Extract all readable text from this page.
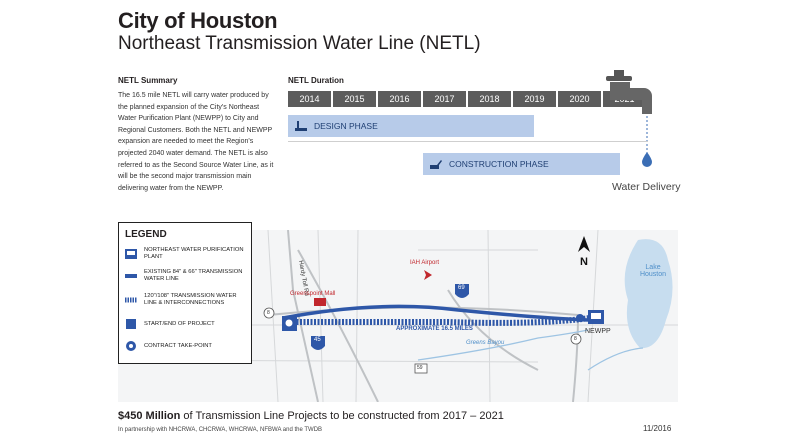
City of Houston
Northeast Transmission Water Line (NETL)
NETL Summary
The 16.5 mile NETL will carry water produced by
the planned expansion of the City's Northeast
Water Purification Plant (NEWPP) to City and
Regional Customers. Both the NETL and NEWPP
expansion are needed to meet the Region's
projected 2040 water demand. The NETL is also
referred to as the Second Source Water Line, as it
will be the second major transmission main
delivering water from the NEWPP.
NETL Duration
2014	2015	2016	2017	2018	2019	2020
DESIGN PHASE
CONSTRUCTION PHASE
Water Delivery
N
Hardy Toll Rd	IAH Airport
Greenspoint Mall
APPROXIMATE 16.5 MILES
Greens Bayou
Lake Houston
NEWPP
8
8
59
45
69
LEGEND
NORTHEAST WATER PURIFICATION PLANT
EXISTING 84" & 66" TRANSMISSION WATER LINE
120"/108" TRANSMISSION WATER LINE & INTERCONNECTIONS
START/END OF PROJECT
CONTRACT TAKE-POINT
$450 Million of Transmission Line Projects to be constructed from 2017 – 2021
In partnership with NHCRWA, CHCRWA, WHCRWA, NFBWA and the TWDB	11/2016
